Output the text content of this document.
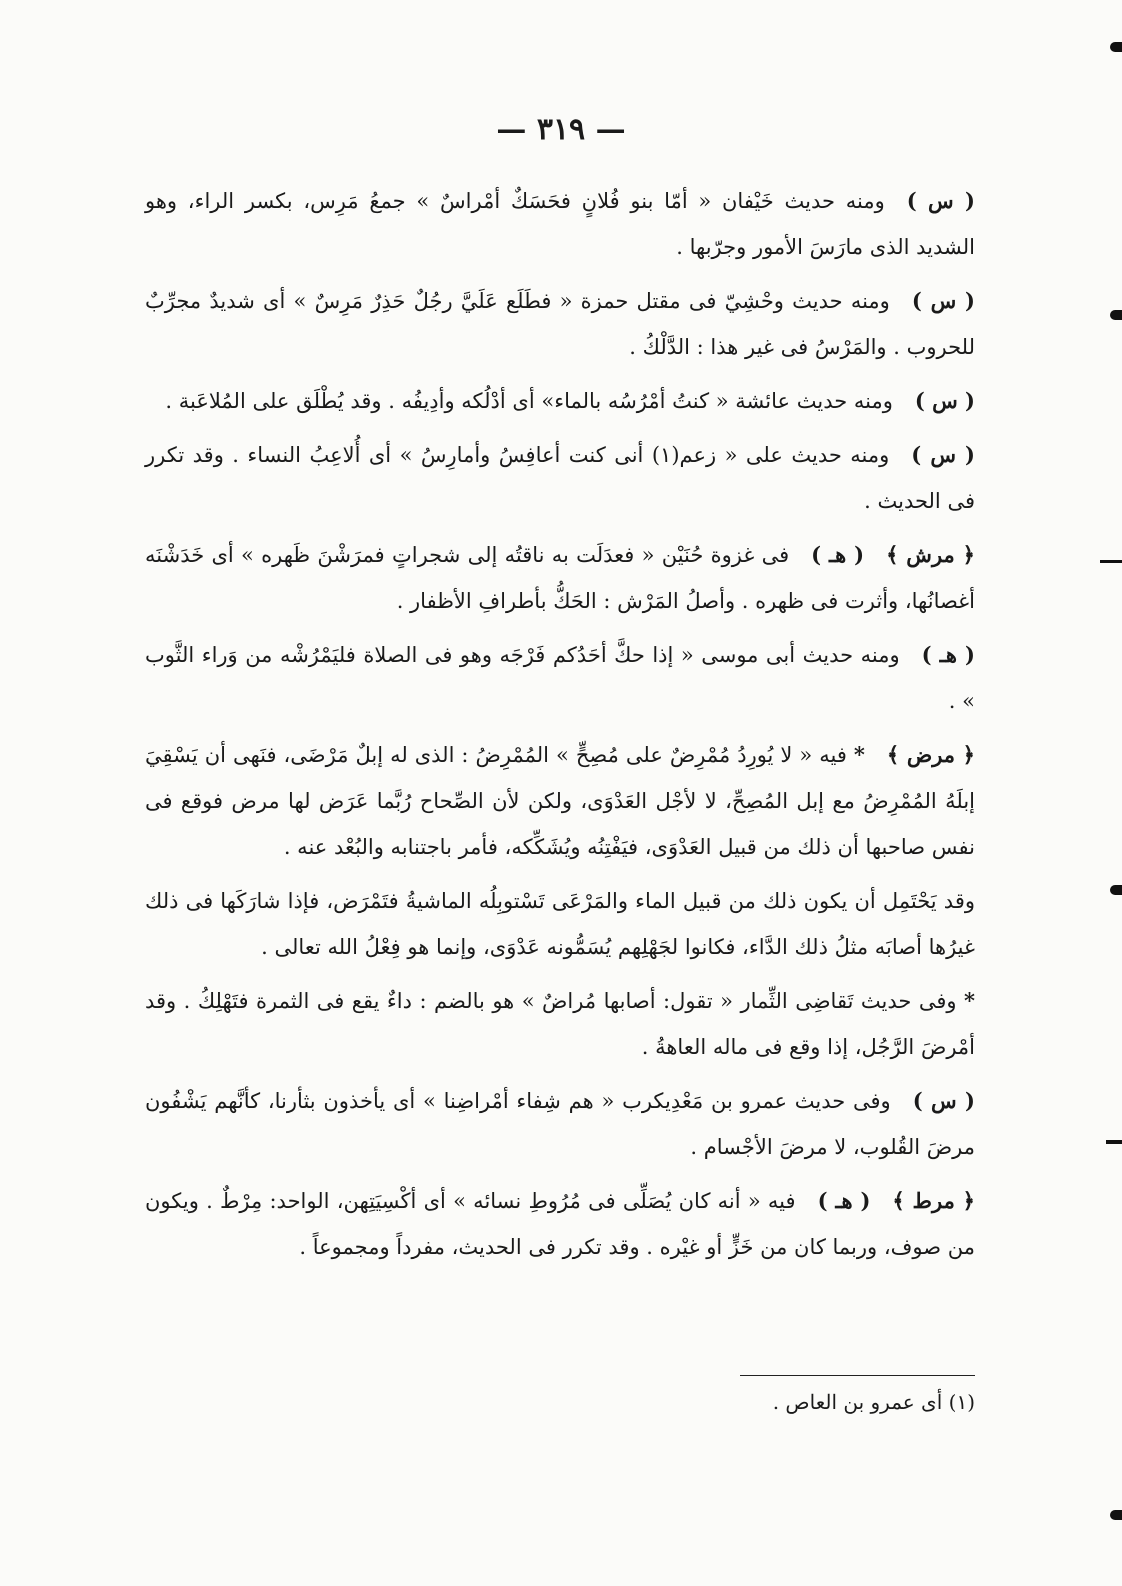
— ٣١٩ —

( س )ومنه حديث خَيْفان « أمّا بنو فُلانٍ فحَسَكٌ أمْراسٌ » جمعُ مَرِس، بكسر الراء، وهو الشديد الذى مارَسَ الأمور وجرّبها .

( س )ومنه حديث وحْشِيّ فى مقتل حمزة « فطَلَع عَلَيَّ رجُلٌ حَذِرٌ مَرِسٌ » أى شديدٌ مجرِّبٌ للحروب . والمَرْسُ فى غير هذا : الدَّلْكُ .

( س )ومنه حديث عائشة « كنتُ أمْرُسُه بالماء» أى أدْلُكه وأدِيفُه . وقد يُطْلَق على المُلاعَبة .

( س )ومنه حديث على « زعم(١) أنى كنت أعافِسُ وأمارِسُ » أى أُلاعِبُ النساء . وقد تكرر فى الحديث .

﴿ مرش ﴾( هـ )فى غزوة حُنَيْن « فعدَلَت به ناقتُه إلى شجراتٍ فمرَشْنَ ظَهره » أى خَدَشْنَه أغصانُها، وأثرت فى ظهره . وأصلُ المَرْش : الحَكُّ بأطرافِ الأظفار .

( هـ )ومنه حديث أبى موسى « إذا حكَّ أحَدُكم فَرْجَه وهو فى الصلاة فليَمْرُشْه من وَراء الثَّوب » .

﴿ مرض ﴾* فيه « لا يُورِدُ مُمْرِضٌ على مُصِحٍّ » المُمْرِضُ : الذى له إبلٌ مَرْضَى، فنَهى أن يَسْقِيَ إبلَهُ المُمْرِضُ مع إبل المُصِحِّ، لا لأجْل العَدْوَى، ولكن لأن الصِّحاح رُبَّما عَرَض لها مرض فوقع فى نفس صاحبها أن ذلك من قبيل العَدْوَى، فيَفْتِنُه ويُشَكِّكه، فأمر باجتنابه والبُعْد عنه .

وقد يَحْتَمِل أن يكون ذلك من قبيل الماء والمَرْعَى تَسْتوبِلُه الماشيةُ فتَمْرَض، فإذا شارَكَها فى ذلك غيرُها أصابَه مثلُ ذلك الدَّاء، فكانوا لجَهْلِهم يُسَمُّونه عَدْوَى، وإنما هو فِعْلُ الله تعالى .

* وفى حديث تَقاضِى الثِّمار « تقول: أصابها مُراضٌ » هو بالضم : داءٌ يقع فى الثمرة فتَهْلِكُ . وقد أمْرضَ الرَّجُل، إذا وقع فى ماله العاهةُ .

( س )وفى حديث عمرو بن مَعْدِيكرب « هم شِفاء أمْراضِنا » أى يأخذون بثأرنا، كأنَّهم يَشْفُون مرضَ القُلوب، لا مرضَ الأجْسام .

﴿ مرط ﴾( هـ )فيه « أنه كان يُصَلِّى فى مُرُوطِ نسائه » أى أكْسِيَتِهن، الواحد: مِرْطٌ . ويكون من صوف، وربما كان من خَزٍّ أو غيْره . وقد تكرر فى الحديث، مفرداً ومجموعاً .

(١) أى عمرو بن العاص .
